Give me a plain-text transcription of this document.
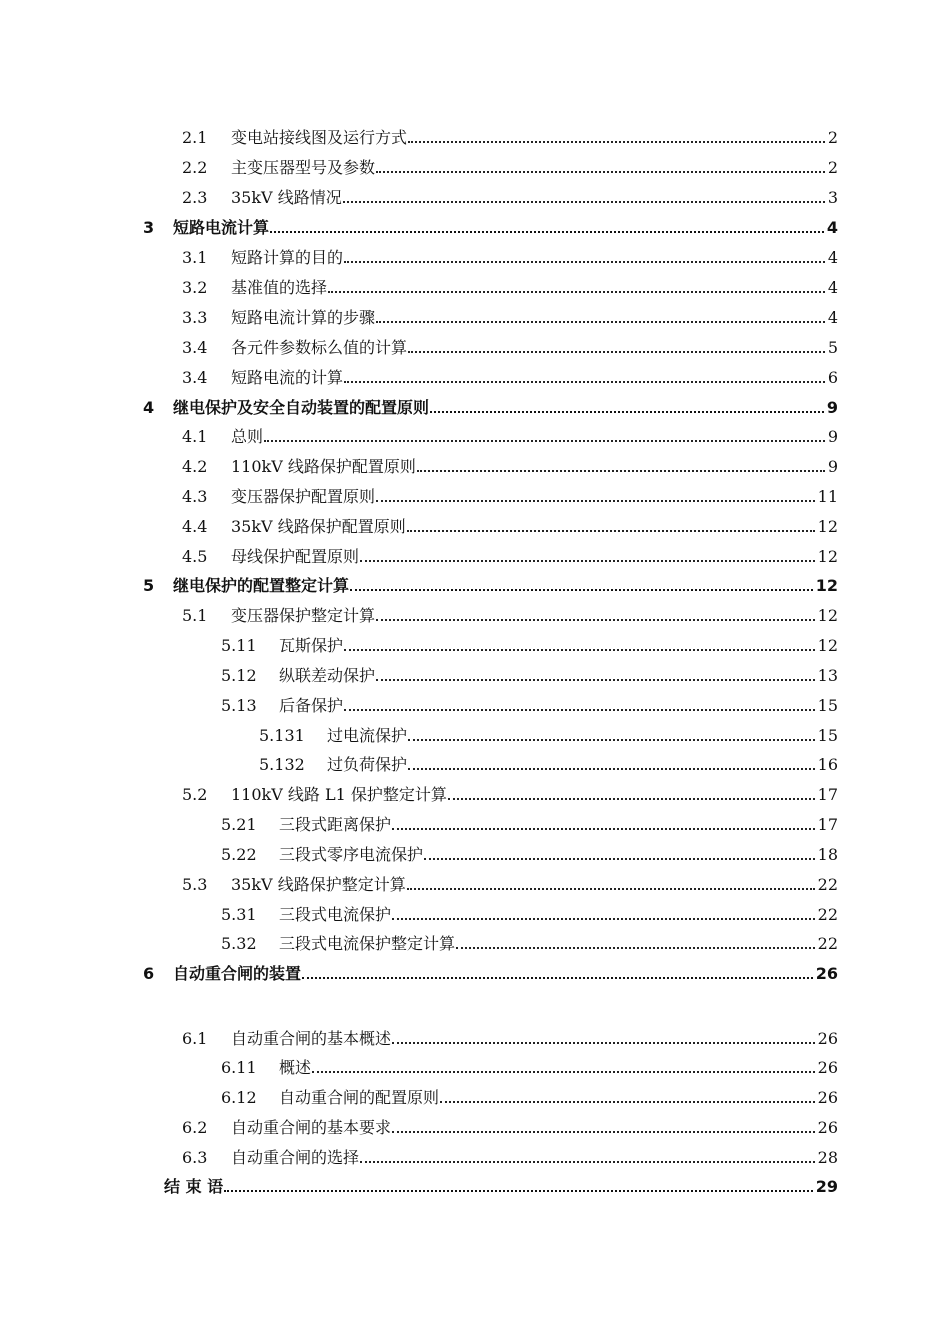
2.1	变电站接线图及运行方式	2
2.2	主变压器型号及参数	2
2.3	35kV 线路情况	3
3	短路电流计算	4
3.1	短路计算的目的	4
3.2	基准值的选择	4
3.3	短路电流计算的步骤	4
3.4	各元件参数标么值的计算	5
3.4	短路电流的计算	6
4	继电保护及安全自动装置的配置原则	9
4.1	总则	9
4.2	110kV 线路保护配置原则	9
4.3	变压器保护配置原则	11
4.4	35kV 线路保护配置原则	12
4.5	母线保护配置原则	12
5	继电保护的配置整定计算	12
5.1	变压器保护整定计算	12
5.11	瓦斯保护	12
5.12	纵联差动保护	13
5.13	后备保护	15
5.131	过电流保护	15
5.132	过负荷保护	16
5.2	110kV 线路 L1 保护整定计算	17
5.21	三段式距离保护	17
5.22	三段式零序电流保护	18
5.3	35kV 线路保护整定计算	22
5.31	三段式电流保护	22
5.32	三段式电流保护整定计算	22
6	自动重合闸的装置	26
6.1	自动重合闸的基本概述	26
6.11	概述	26
6.12	自动重合闸的配置原则	26
6.2	自动重合闸的基本要求	26
6.3	自动重合闸的选择	28
结 束 语	29
